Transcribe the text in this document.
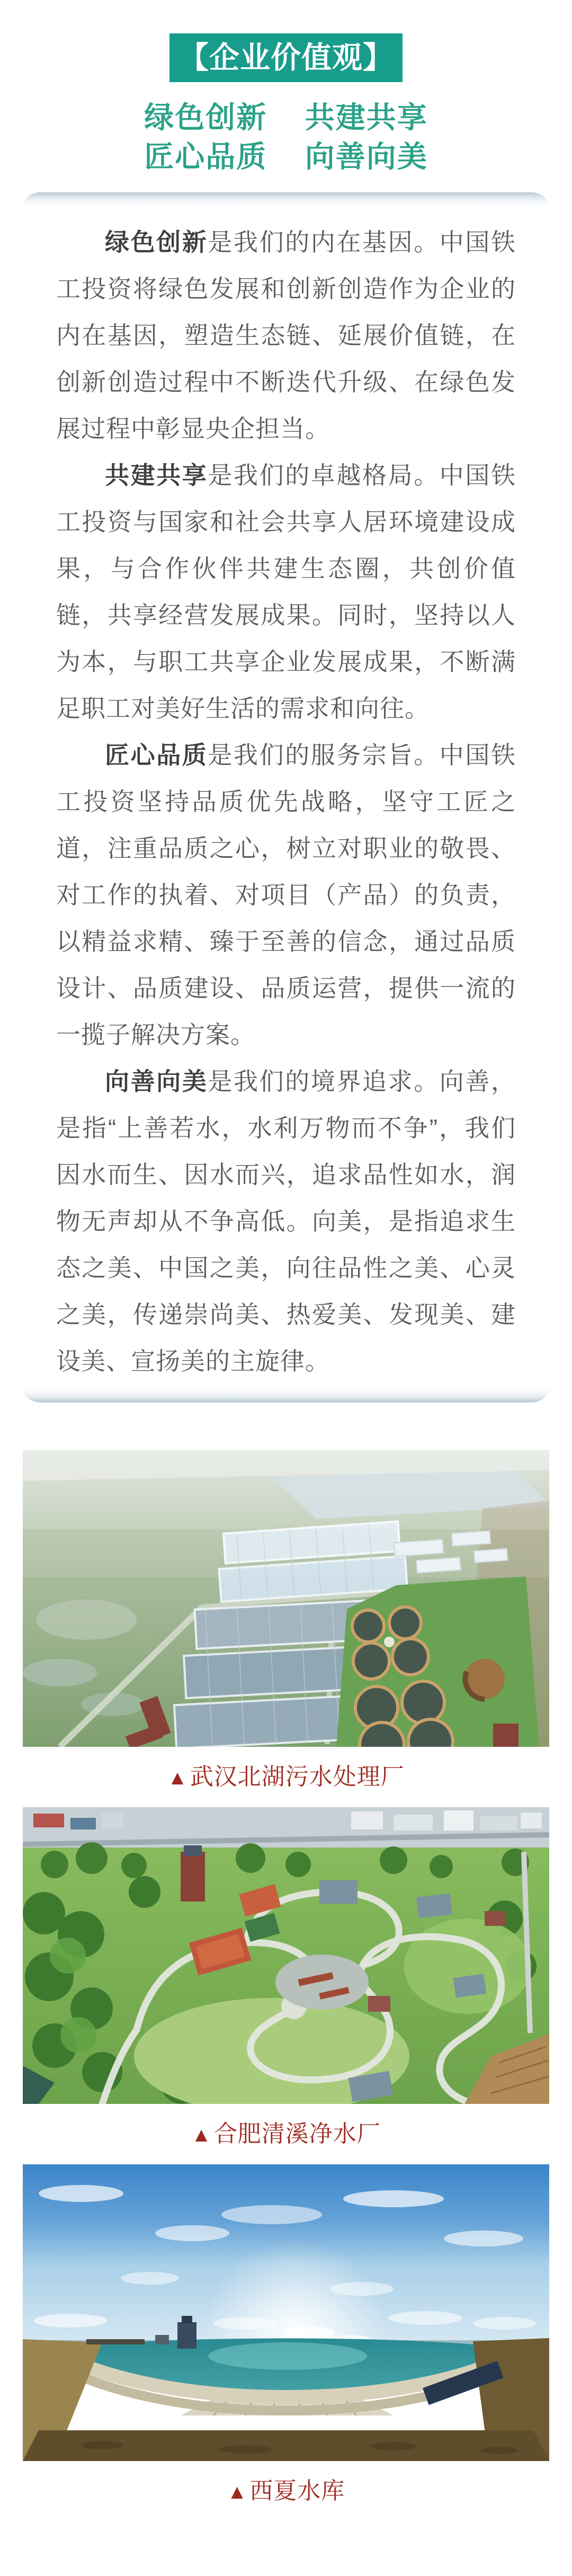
【企业价值观】
绿色创新 共建共享
匠心品质 向善向美

绿色创新是我们的内在基因。中国铁工投资将绿色发展和创新创造作为企业的内在基因，塑造生态链、延展价值链，在创新创造过程中不断迭代升级、在绿色发展过程中彰显央企担当。

共建共享是我们的卓越格局。中国铁工投资与国家和社会共享人居环境建设成果，与合作伙伴共建生态圈，共创价值链，共享经营发展成果。同时，坚持以人为本，与职工共享企业发展成果，不断满足职工对美好生活的需求和向往。

匠心品质是我们的服务宗旨。中国铁工投资坚持品质优先战略，坚守工匠之道，注重品质之心，树立对职业的敬畏、对工作的执着、对项目（产品）的负责，以精益求精、臻于至善的信念，通过品质设计、品质建设、品质运营，提供一流的一揽子解决方案。

向善向美是我们的境界追求。向善，是指“上善若水，水利万物而不争”，我们因水而生、因水而兴，追求品性如水，润物无声却从不争高低。向美，是指追求生态之美、中国之美，向往品性之美、心灵之美，传递崇尚美、热爱美、发现美、建设美、宣扬美的主旋律。

▲武汉北湖污水处理厂
▲合肥清溪净水厂
▲西夏水库
